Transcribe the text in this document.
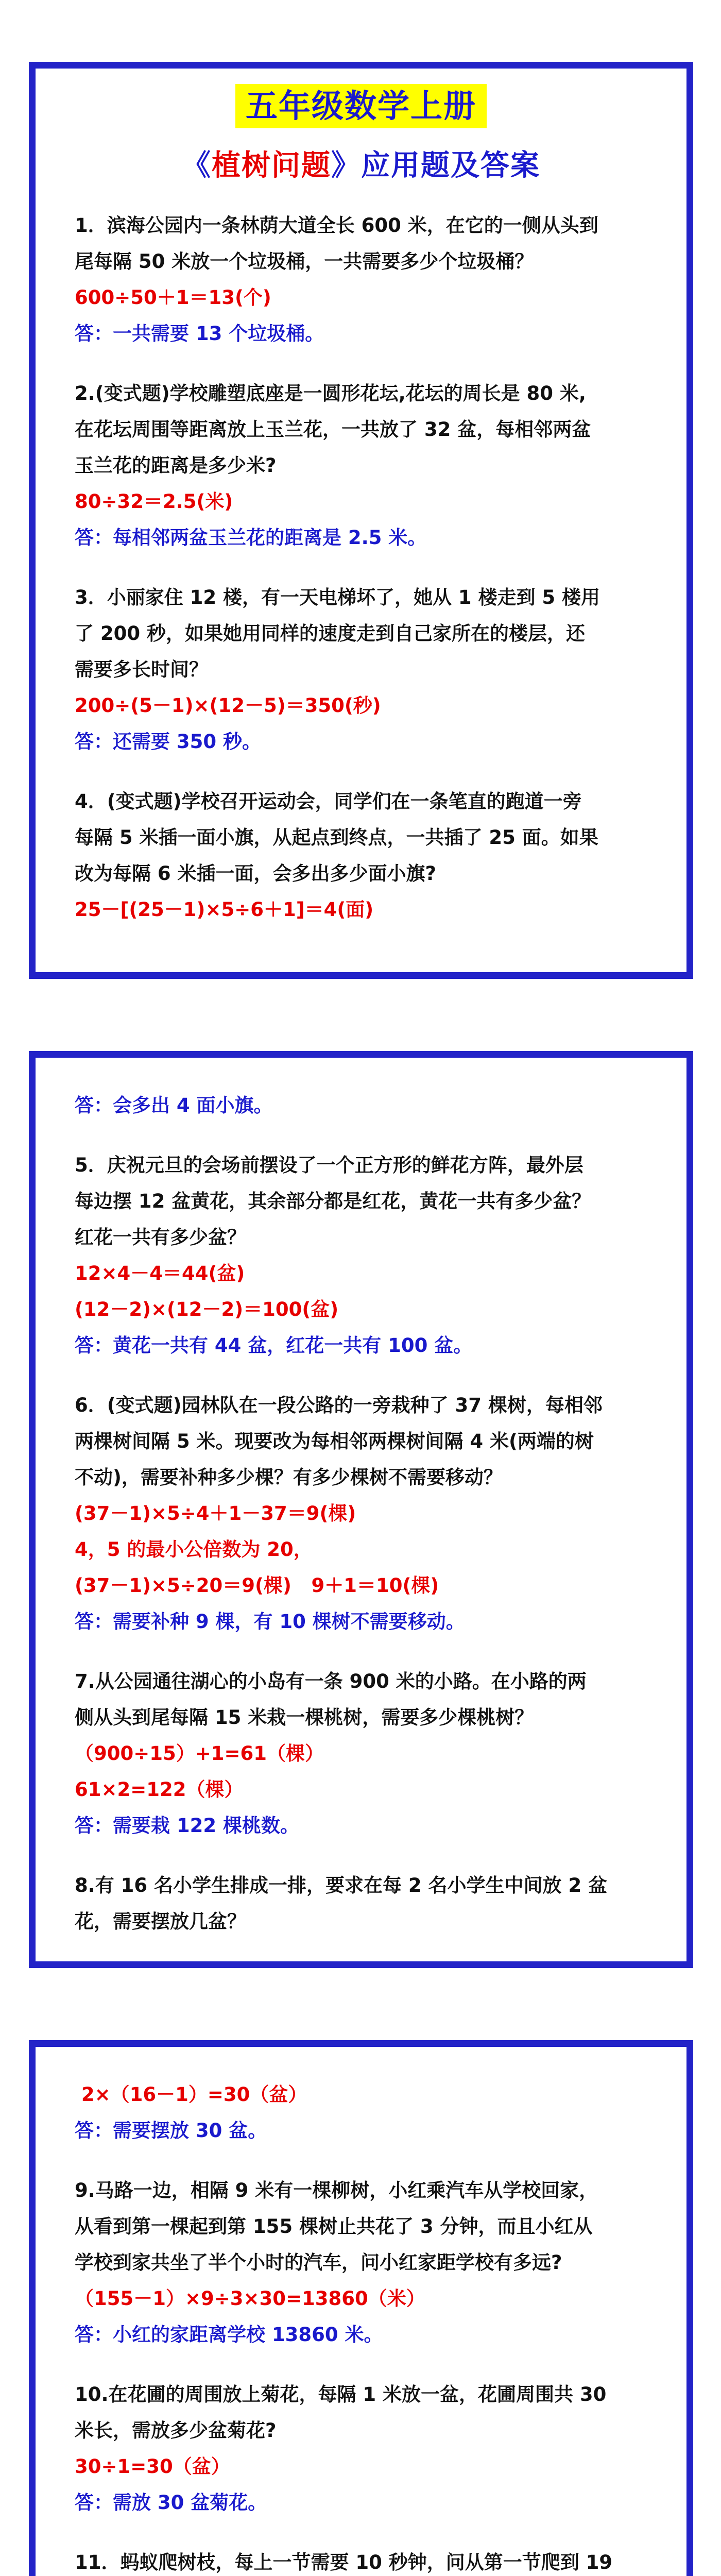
五年级数学上册
《植树问题》应用题及答案
1．滨海公园内一条林荫大道全长 600 米，在它的一侧从头到
尾每隔 50 米放一个垃圾桶，一共需要多少个垃圾桶？
600÷50＋1＝13(个)
答：一共需要 13 个垃圾桶。
2.(变式题)学校雕塑底座是一圆形花坛,花坛的周长是 80 米,
在花坛周围等距离放上玉兰花，一共放了 32 盆，每相邻两盆
玉兰花的距离是多少米?
80÷32＝2.5(米)
答：每相邻两盆玉兰花的距离是 2.5 米。
3．小丽家住 12 楼，有一天电梯坏了，她从 1 楼走到 5 楼用
了 200 秒，如果她用同样的速度走到自己家所在的楼层，还
需要多长时间？
200÷(5－1)×(12－5)＝350(秒)
答：还需要 350 秒。
4．(变式题)学校召开运动会，同学们在一条笔直的跑道一旁
每隔 5 米插一面小旗，从起点到终点，一共插了 25 面。如果
改为每隔 6 米插一面，会多出多少面小旗?
25－[(25－1)×5÷6＋1]＝4(面)
答：会多出 4 面小旗。
5．庆祝元旦的会场前摆设了一个正方形的鲜花方阵，最外层
每边摆 12 盆黄花，其余部分都是红花，黄花一共有多少盆？
红花一共有多少盆？
12×4－4＝44(盆)
(12－2)×(12－2)＝100(盆)
答：黄花一共有 44 盆，红花一共有 100 盆。
6．(变式题)园林队在一段公路的一旁栽种了 37 棵树，每相邻
两棵树间隔 5 米。现要改为每相邻两棵树间隔 4 米(两端的树
不动)，需要补种多少棵？有多少棵树不需要移动？
(37－1)×5÷4＋1－37＝9(棵)
4，5 的最小公倍数为 20，
(37－1)×5÷20＝9(棵)   9＋1＝10(棵)
答：需要补种 9 棵，有 10 棵树不需要移动。
7.从公园通往湖心的小岛有一条 900 米的小路。在小路的两
侧从头到尾每隔 15 米栽一棵桃树，需要多少棵桃树？
（900÷15）+1=61（棵）
61×2=122（棵）
答：需要栽 122 棵桃数。
8.有 16 名小学生排成一排，要求在每 2 名小学生中间放 2 盆
花，需要摆放几盆？
2×（16－1）=30（盆）
答：需要摆放 30 盆。
9.马路一边，相隔 9 米有一棵柳树，小红乘汽车从学校回家，
从看到第一棵起到第 155 棵树止共花了 3 分钟，而且小红从
学校到家共坐了半个小时的汽车，问小红家距学校有多远?
（155－1）×9÷3×30=13860（米）
答：小红的家距离学校 13860 米。
10.在花圃的周围放上菊花，每隔 1 米放一盆，花圃周围共 30
米长，需放多少盆菊花?
30÷1=30（盆）
答：需放 30 盆菊花。
11．蚂蚁爬树枝，每上一节需要 10 秒钟，问从第一节爬到 19
